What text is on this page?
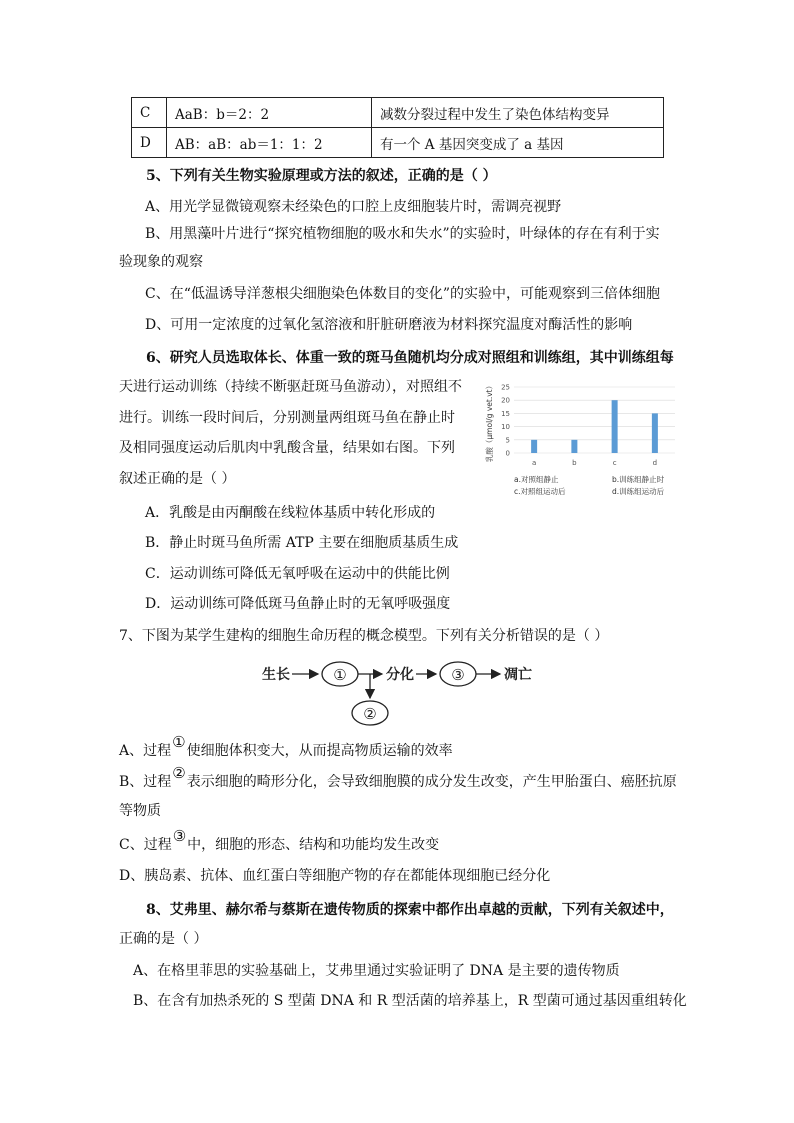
C	AaB：b＝2：2	减数分裂过程中发生了染色体结构变异
D	AB：aB：ab＝1：1：2	有一个 A 基因突变成了 a 基因
5、下列有关生物实验原理或方法的叙述，正确的是（ ）
A、用光学显微镜观察未经染色的口腔上皮细胞装片时，需调亮视野
B、用黑藻叶片进行“探究植物细胞的吸水和失水”的实验时，叶绿体的存在有利于实
验现象的观察
C、在“低温诱导洋葱根尖细胞染色体数目的变化”的实验中，可能观察到三倍体细胞
D、可用一定浓度的过氧化氢溶液和肝脏研磨液为材料探究温度对酶活性的影响
6、研究人员选取体长、体重一致的斑马鱼随机均分成对照组和训练组，其中训练组每
天进行运动训练（持续不断驱赶斑马鱼游动），对照组不
进行。训练一段时间后，分别测量两组斑马鱼在静止时
及相同强度运动后肌肉中乳酸含量，结果如右图。下列
叙述正确的是（ ）
A．乳酸是由丙酮酸在线粒体基质中转化形成的
B．静止时斑马鱼所需 ATP 主要在细胞质基质生成
C．运动训练可降低无氧呼吸在运动中的供能比例
D．运动训练可降低斑马鱼静止时的无氧呼吸强度
0
5
10
15
20
25
a	b	c	d
乳酸（μmol/g vet.vt）
a.对照组静止	b.训练组静止时
c.对照组运动后	d.训练组运动后
7、下图为某学生建构的细胞生命历程的概念模型。下列有关分析错误的是（ ）
生长	①	分化 ③	凋亡
②
A、过程①使细胞体积变大，从而提高物质运输的效率
B、过程②表示细胞的畸形分化，会导致细胞膜的成分发生改变，产生甲胎蛋白、癌胚抗原
等物质
C、过程③中，细胞的形态、结构和功能均发生改变
D、胰岛素、抗体、血红蛋白等细胞产物的存在都能体现细胞已经分化
8、艾弗里、赫尔希与蔡斯在遗传物质的探索中都作出卓越的贡献，下列有关叙述中，
正确的是（ ）
A、在格里菲思的实验基础上，艾弗里通过实验证明了 DNA 是主要的遗传物质
B、在含有加热杀死的 S 型菌 DNA 和 R 型活菌的培养基上，R 型菌可通过基因重组转化
